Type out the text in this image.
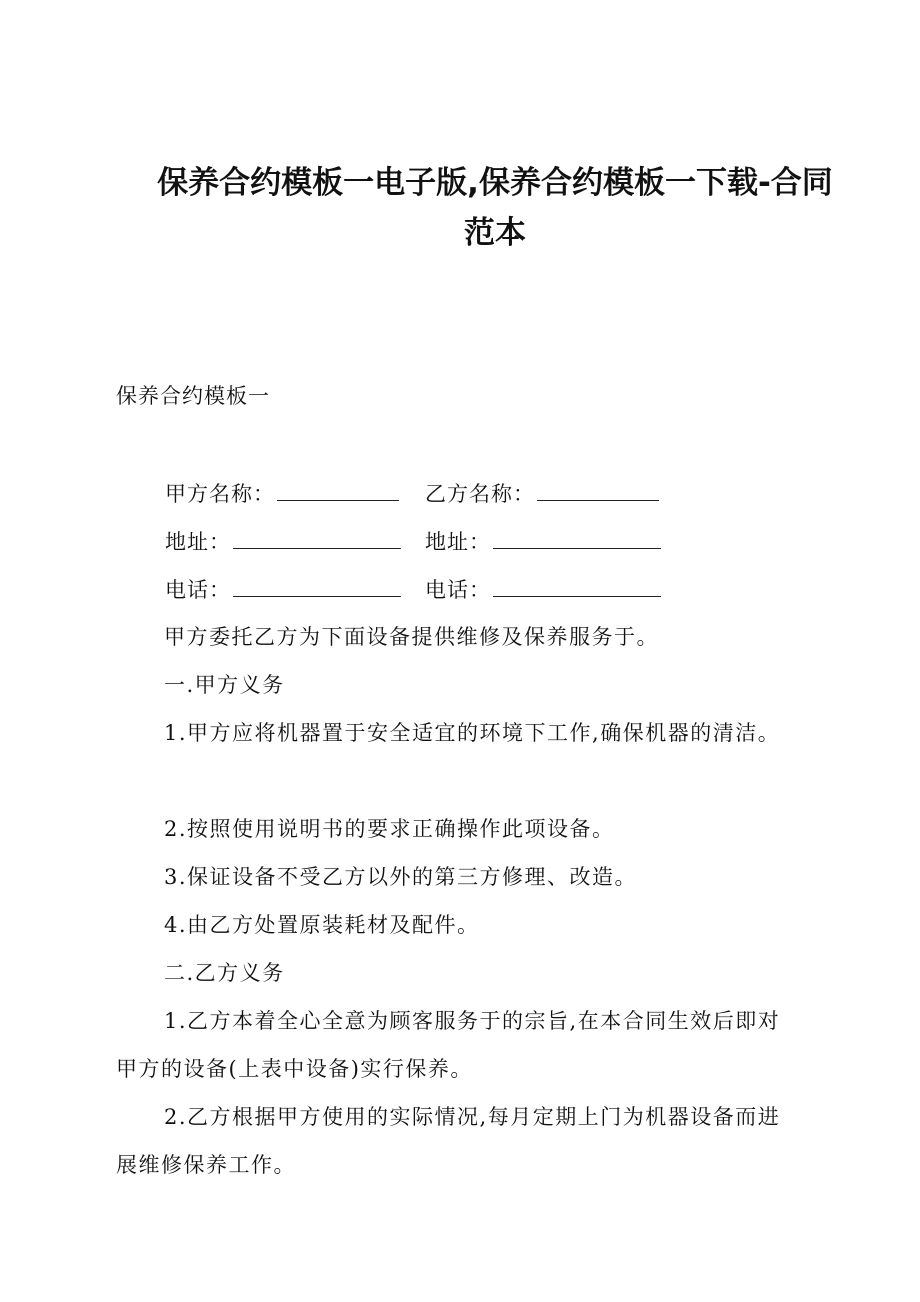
保养合约模板一电子版,保养合约模板一下载-合同范本

保养合约模板一

甲方名称：	乙方名称：
地址：	地址：
电话：	电话：

甲方委托乙方为下面设备提供维修及保养服务于。

一.甲方义务

1.甲方应将机器置于安全适宜的环境下工作,确保机器的清洁。

2.按照使用说明书的要求正确操作此项设备。

3.保证设备不受乙方以外的第三方修理、改造。

4.由乙方处置原装耗材及配件。

二.乙方义务

1.乙方本着全心全意为顾客服务于的宗旨,在本合同生效后即对甲方的设备(上表中设备)实行保养。

2.乙方根据甲方使用的实际情况,每月定期上门为机器设备而进展维修保养工作。
